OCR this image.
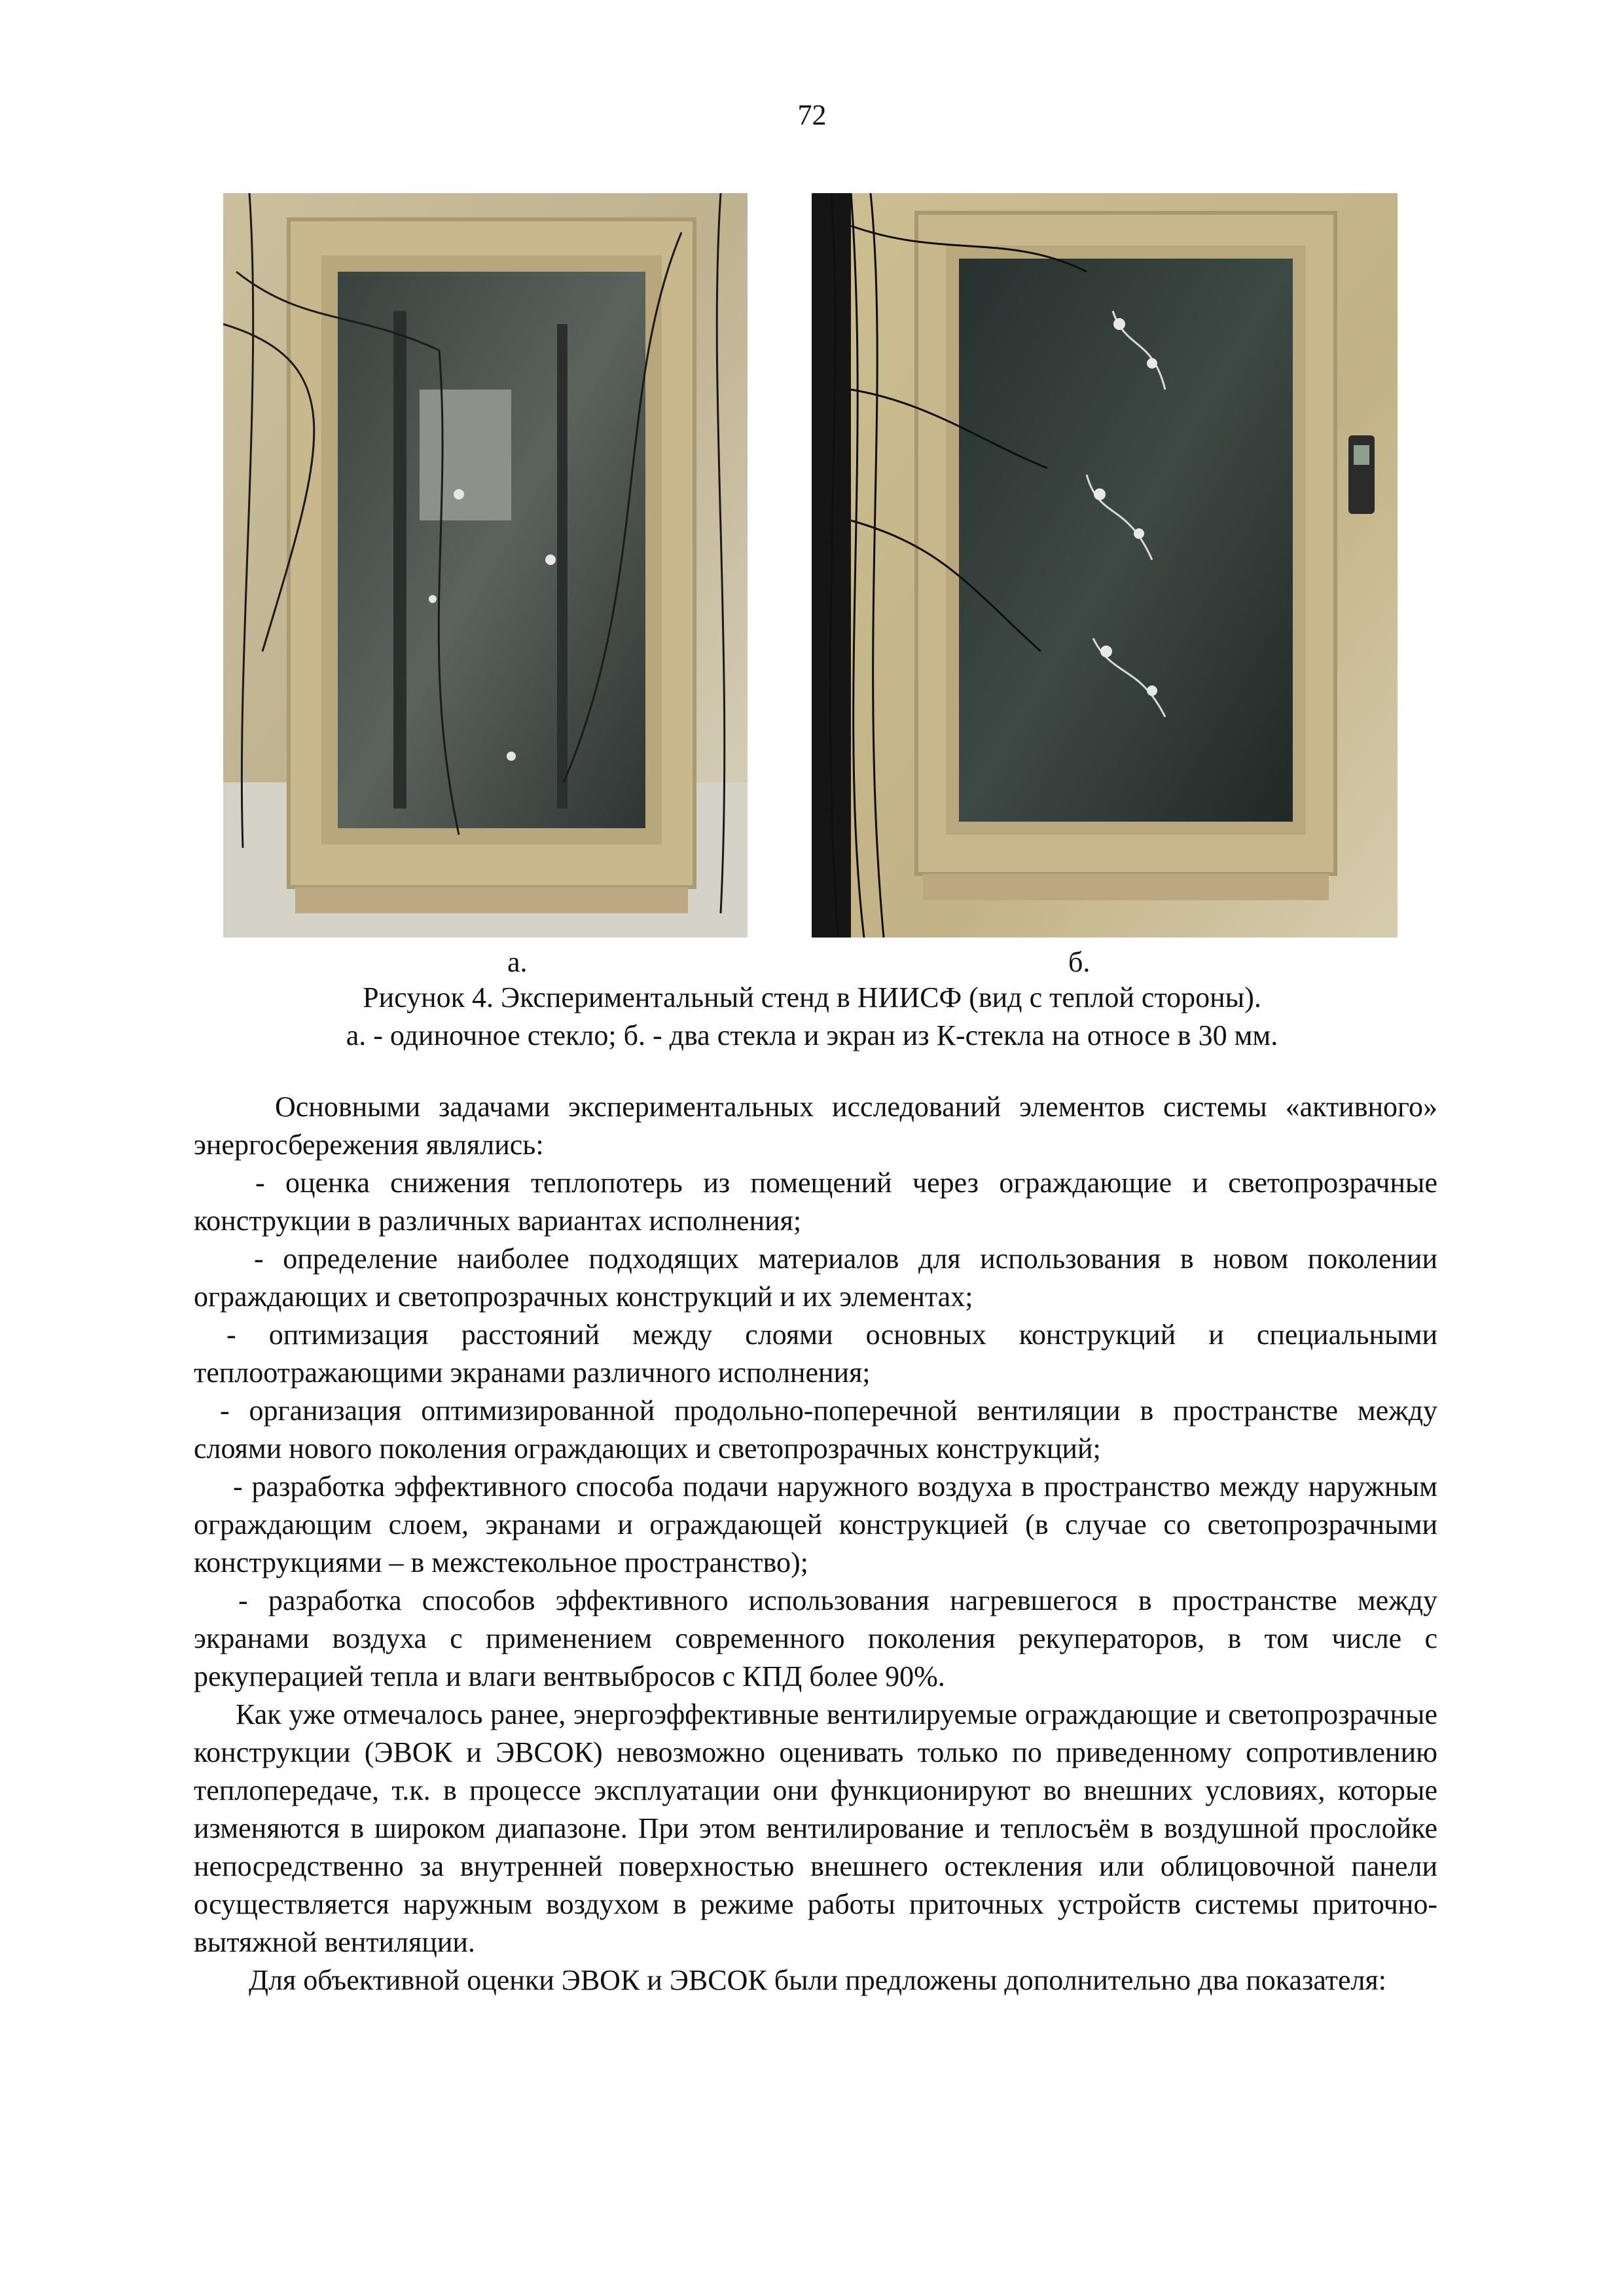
72
а.	б.
Рисунок 4. Экспериментальный стенд в НИИСФ (вид с теплой стороны).
а. - одиночное стекло; б. - два стекла и экран из К-стекла на относе в 30 мм.

Основными задачами экспериментальных исследований элементов системы «активного» энергосбережения являлись:

- оценка снижения теплопотерь из помещений через ограждающие и светопрозрачные конструкции в различных вариантах исполнения;

- определение наиболее подходящих материалов для использования в новом поколении ограждающих и светопрозрачных конструкций и их элементах;

- оптимизация расстояний между слоями основных конструкций и специальными теплоотражающими экранами различного исполнения;

- организация оптимизированной продольно-поперечной вентиляции в пространстве между слоями нового поколения ограждающих и светопрозрачных конструкций;

- разработка эффективного способа подачи наружного воздуха в пространство между наружным ограждающим слоем, экранами и ограждающей конструкцией (в случае со светопрозрачными конструкциями – в межстекольное пространство);

- разработка способов эффективного использования нагревшегося в пространстве между экранами воздуха с применением современного поколения рекуператоров, в том числе с рекуперацией тепла и влаги вентвыбросов с КПД более 90%.

Как уже отмечалось ранее, энергоэффективные вентилируемые ограждающие и светопрозрачные конструкции (ЭВОК и ЭВСОК) невозможно оценивать только по приведенному сопротивлению теплопередаче, т.к. в процессе эксплуатации они функционируют во внешних условиях, которые изменяются в широком диапазоне. При этом вентилирование и теплосъём в воздушной прослойке непосредственно за внутренней поверхностью внешнего остекления или облицовочной панели осуществляется наружным воздухом в режиме работы приточных устройств системы приточно-вытяжной вентиляции.

Для объективной оценки ЭВОК и ЭВСОК были предложены дополнительно два показателя:
